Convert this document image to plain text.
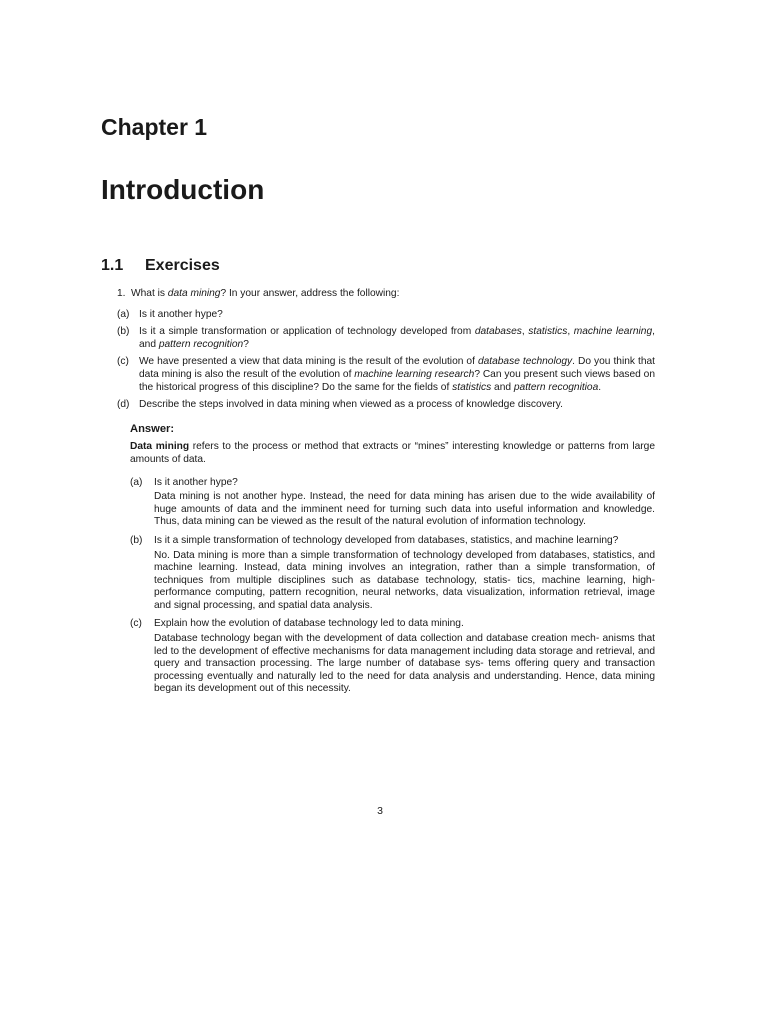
Chapter 1
Introduction
1.1 Exercises

1. What is data mining? In your answer, address the following:

(a) Is it another hype?
(b) Is it a simple transformation or application of technology developed from databases, statistics, machine learning, and pattern recognition?
(c) We have presented a view that data mining is the result of the evolution of database technology. Do you think that data mining is also the result of the evolution of machine learning research? Can you present such views based on the historical progress of this discipline? Do the same for the fields of statistics and pattern recognitioa.
(d) Describe the steps involved in data mining when viewed as a process of knowledge discovery.

Answer:

Data mining refers to the process or method that extracts or “mines” interesting knowledge or patterns from large amounts of data.

(a) Is it another hype?

Data mining is not another hype. Instead, the need for data mining has arisen due to the wide availability of huge amounts of data and the imminent need for turning such data into useful information and knowledge. Thus, data mining can be viewed as the result of the natural evolution of information technology.

(b) Is it a simple transformation of technology developed from databases, statistics, and machine learning?

No. Data mining is more than a simple transformation of technology developed from databases, statistics, and machine learning. Instead, data mining involves an integration, rather than a simple transformation, of techniques from multiple disciplines such as database technology, statis- tics, machine learning, high-performance computing, pattern recognition, neural networks, data visualization, information retrieval, image and signal processing, and spatial data analysis.

(c) Explain how the evolution of database technology led to data mining.

Database technology began with the development of data collection and database creation mech- anisms that led to the development of effective mechanisms for data management including data storage and retrieval, and query and transaction processing. The large number of database sys- tems offering query and transaction processing eventually and naturally led to the need for data analysis and understanding. Hence, data mining began its development out of this necessity.

3
